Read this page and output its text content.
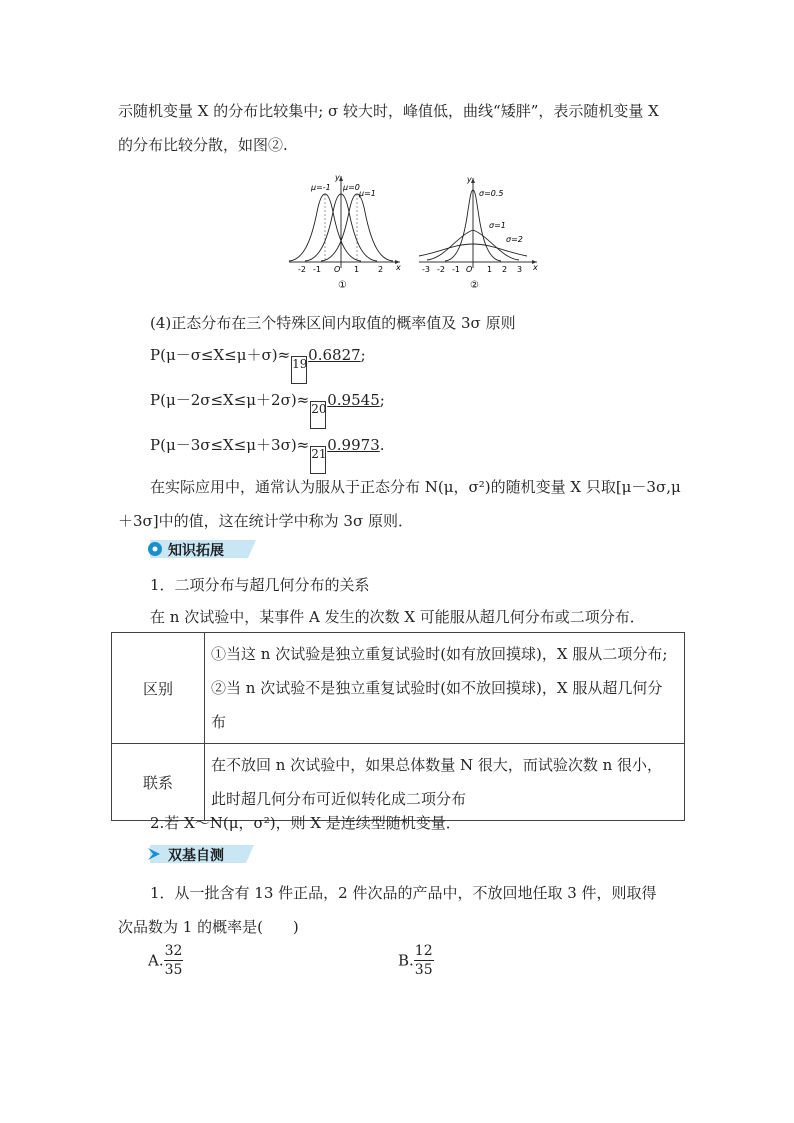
示随机变量 X 的分布比较集中; σ 较大时，峰值低，曲线“矮胖”，表示随机变量 X
的分布比较分散，如图②.
x
y
μ=-1 μ=0
μ=1
-2 -1 O 1 2
①
x
y
σ=0.5
σ=1
σ=2
-3 -2 -1 O 1 2 3
②
(4)正态分布在三个特殊区间内取值的概率值及 3σ 原则
P(μ－σ≤X≤μ＋σ)≈ 190.6827;
P(μ－2σ≤X≤μ＋2σ)≈ 200.9545;
P(μ－3σ≤X≤μ＋3σ)≈ 210.9973.
在实际应用中，通常认为服从于正态分布 N(μ，σ²)的随机变量 X 只取[μ－3σ,μ
＋3σ]中的值，这在统计学中称为 3σ 原则．
知识拓展
1．二项分布与超几何分布的关系
在 n 次试验中，某事件 A 发生的次数 X 可能服从超几何分布或二项分布．
区别	①当这 n 次试验是独立重复试验时(如有放回摸球)，X 服从二项分布;
②当 n 次试验不是独立重复试验时(如不放回摸球)，X 服从超几何分
布

联系	在不放回 n 次试验中，如果总体数量 N 很大，而试验次数 n 很小，
此时超几何分布可近似转化成二项分布
2.若 X～N(μ，σ²)，则 X 是连续型随机变量．
双基自测
1．从一批含有 13 件正品，2 件次品的产品中，不放回地任取 3 件，则取得
次品数为 1 的概率是(　　)
A. $\frac{32}{35}$	B. $\frac{12}{35}$
